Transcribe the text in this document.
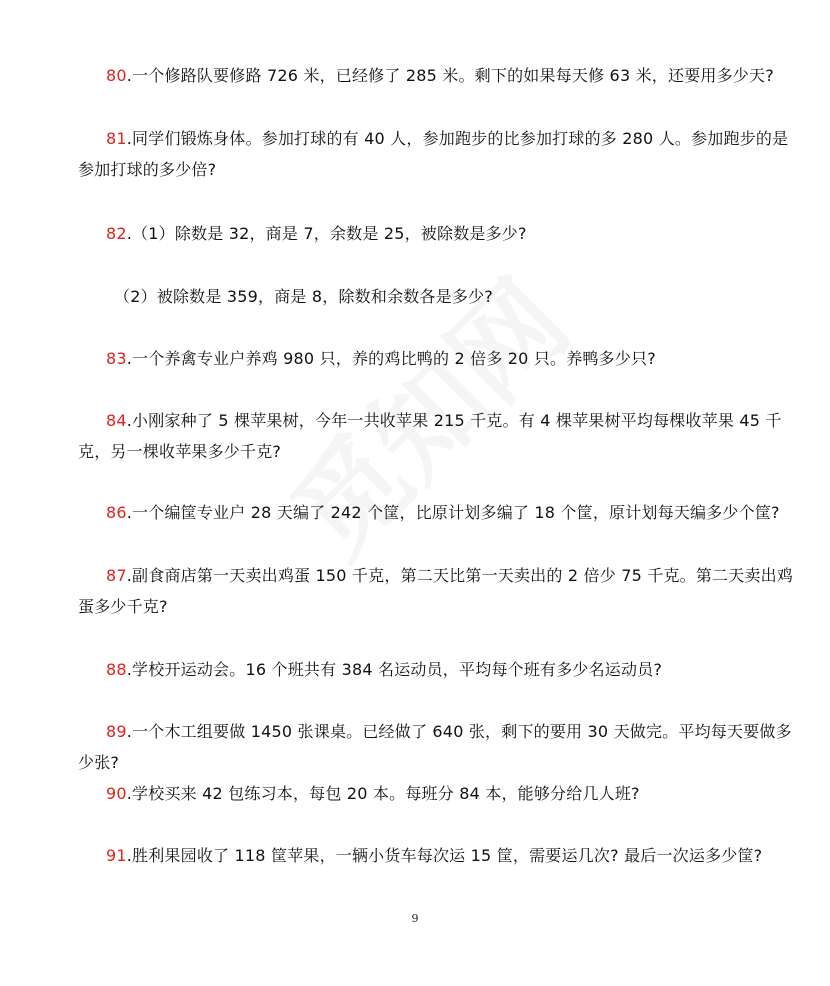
80.一个修路队要修路 726 米，已经修了 285 米。剩下的如果每天修 63 米，还要用多少天?

81.同学们锻炼身体。参加打球的有 40 人，参加跑步的比参加打球的多 280 人。参加跑步的是参加打球的多少倍?

82.（1）除数是 32，商是 7，余数是 25，被除数是多少?

（2）被除数是 359，商是 8，除数和余数各是多少?

83.一个养禽专业户养鸡 980 只，养的鸡比鸭的 2 倍多 20 只。养鸭多少只?

84.小刚家种了 5 棵苹果树，今年一共收苹果 215 千克。有 4 棵苹果树平均每棵收苹果 45 千克，另一棵收苹果多少千克?

86.一个编筐专业户 28 天编了 242 个筐，比原计划多编了 18 个筐，原计划每天编多少个筐?

87.副食商店第一天卖出鸡蛋 150 千克，第二天比第一天卖出的 2 倍少 75 千克。第二天卖出鸡蛋多少千克?

88.学校开运动会。16 个班共有 384 名运动员，平均每个班有多少名运动员?

89.一个木工组要做 1450 张课桌。已经做了 640 张，剩下的要用 30 天做完。平均每天要做多少张?

90.学校买来 42 包练习本，每包 20 本。每班分 84 本，能够分给几人班?

91.胜利果园收了 118 筐苹果，一辆小货车每次运 15 筐，需要运几次? 最后一次运多少筐?

9
